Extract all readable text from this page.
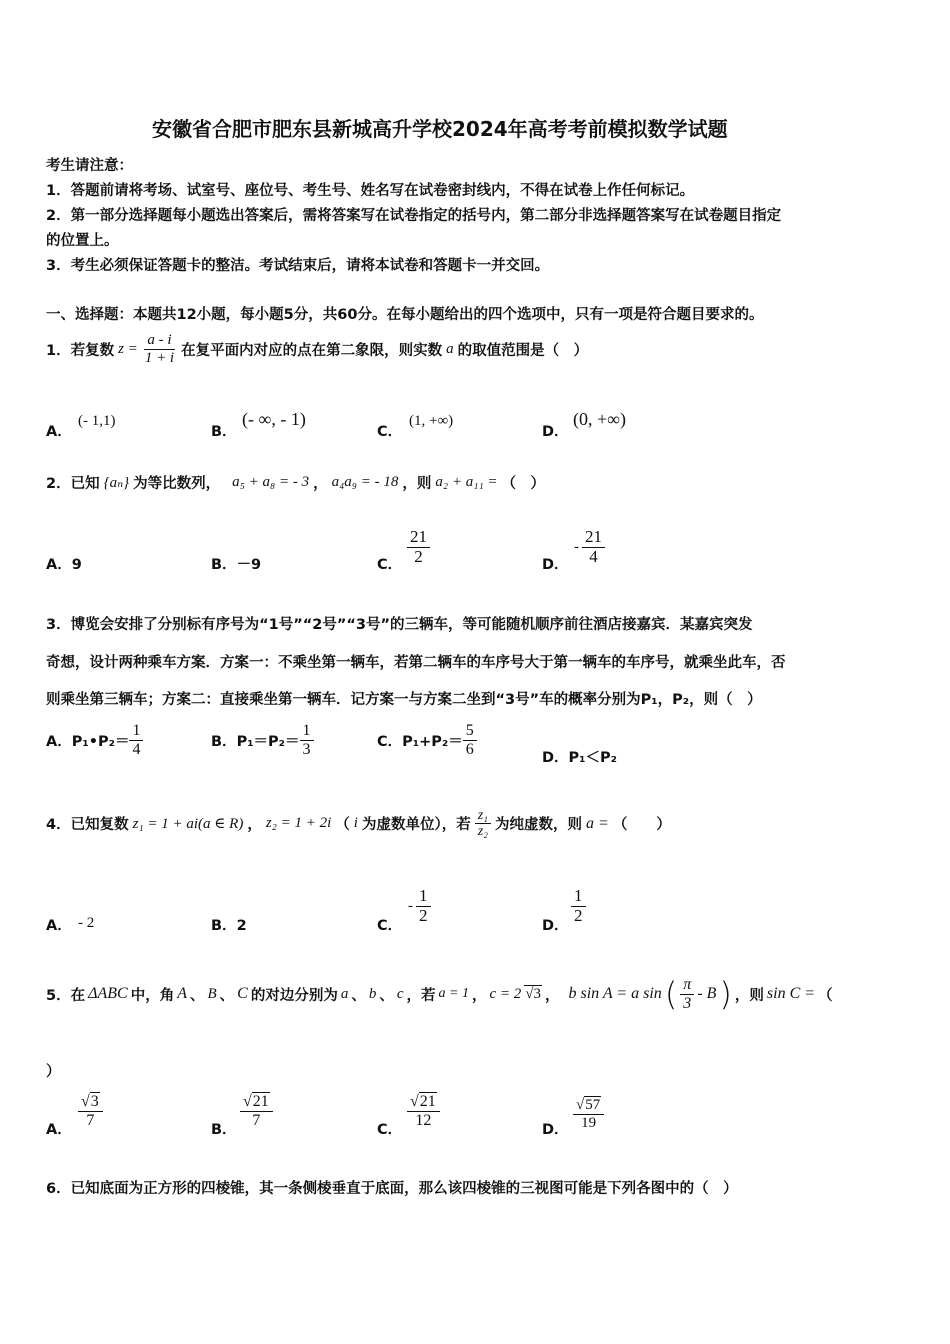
安徽省合肥市肥东县新城高升学校2024年高考考前模拟数学试题
考生请注意：
1．答题前请将考场、试室号、座位号、考生号、姓名写在试卷密封线内，不得在试卷上作任何标记。
2．第一部分选择题每小题选出答案后，需将答案写在试卷指定的括号内，第二部分非选择题答案写在试卷题目指定
的位置上。
3．考生必须保证答题卡的整洁。考试结束后，请将本试卷和答题卡一并交回。
一、选择题：本题共12小题，每小题5分，共60分。在每小题给出的四个选项中，只有一项是符合题目要求的。
1．若复数 $z = \frac{a - i}{1 + i}$ 在复平面内对应的点在第二象限，则实数 a 的取值范围是（　）
A．
(- 1,1)
B．
(- ∞, - 1)
C．
(1, +∞)
D．
(0, +∞)
2．已知 {aₙ} 为等比数列， a₅ + a₈ = - 3 ， a₄a₉ = - 18 ，则 a₂ + a₁₁ = （　）
A．9	B．－9	C． $\frac{21}{2}$	D．
- $\frac{21}{4}$
3．博览会安排了分别标有序号为“1号”“2号”“3号”的三辆车，等可能随机顺序前往酒店接嘉宾．某嘉宾突发
奇想，设计两种乘车方案．方案一：不乘坐第一辆车，若第二辆车的车序号大于第一辆车的车序号，就乘坐此车，否
则乘坐第三辆车；方案二：直接乘坐第一辆车．记方案一与方案二坐到“3号”车的概率分别为P₁，P₂，则（　）
A． P₁•P₂＝ $\frac{1}{4}$	B． $P_1=P_2= \frac{1}{3}$	C． $P_1+P_2= \frac{5}{6}$	D．P₁＜P₂
4．已知复数 z₁ = 1 + ai(a ∈ R) ， z₂ = 1 + 2i （ i 为虚数单位），若 $\frac{\text{z₁}}{\text{z₂}}$ 为纯虚数，则 a = （　　）
A． - 2	B．2	C．
- $\frac{1}{2}$
D．
$\frac{1}{2}$
5．在 ΔABC 中，角 A 、 B 、 C 的对边分别为 a 、 b 、 c ，若 a = 1 ， c = 2 √3 ， b sin A = a sin ( $\frac{\pi}{3}$ - B ) ，则 sin C = （
）
A．
$\frac{√3}{7}$
B．
$\frac{√21}{7}$
C．
$\frac{√21}{12}$
D． $\frac{√57}{19}$
6．已知底面为正方形的四棱锥，其一条侧棱垂直于底面，那么该四棱锥的三视图可能是下列各图中的（　）
